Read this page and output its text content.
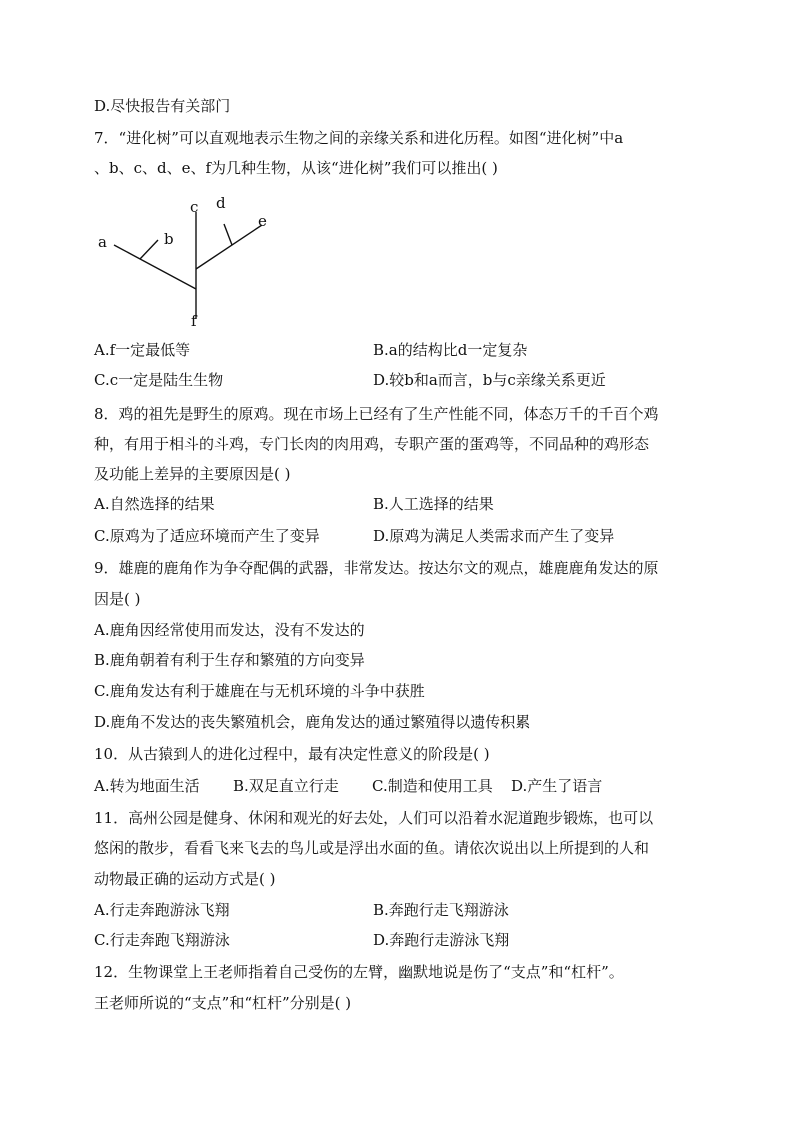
D.尽快报告有关部门
7．“进化树”可以直观地表示生物之间的亲缘关系和进化历程。如图“进化树”中a
、b、c、d、e、f为几种生物，从该“进化树”我们可以推出( )
a	b
c d
e
f
A.f一定最低等	B.a的结构比d一定复杂
C.c一定是陆生生物	D.较b和a而言，b与c亲缘关系更近
8．鸡的祖先是野生的原鸡。现在市场上已经有了生产性能不同，体态万千的千百个鸡
种，有用于相斗的斗鸡，专门长肉的肉用鸡，专职产蛋的蛋鸡等，不同品种的鸡形态
及功能上差异的主要原因是( )
A.自然选择的结果	B.人工选择的结果
C.原鸡为了适应环境而产生了变异	D.原鸡为满足人类需求而产生了变异
9．雄鹿的鹿角作为争夺配偶的武器，非常发达。按达尔文的观点，雄鹿鹿角发达的原
因是( )
A.鹿角因经常使用而发达，没有不发达的
B.鹿角朝着有利于生存和繁殖的方向变异
C.鹿角发达有利于雄鹿在与无机环境的斗争中获胜
D.鹿角不发达的丧失繁殖机会，鹿角发达的通过繁殖得以遗传积累
10．从古猿到人的进化过程中，最有决定性意义的阶段是( )
A.转为地面生活 B.双足直立行走 C.制造和使用工具 D.产生了语言
11．高州公园是健身、休闲和观光的好去处，人们可以沿着水泥道跑步锻炼，也可以
悠闲的散步，看看飞来飞去的鸟儿或是浮出水面的鱼。请依次说出以上所提到的人和
动物最正确的运动方式是( )
A.行走奔跑游泳飞翔	B.奔跑行走飞翔游泳
C.行走奔跑飞翔游泳	D.奔跑行走游泳飞翔
12．生物课堂上王老师指着自己受伤的左臂，幽默地说是伤了“支点”和“杠杆”。
王老师所说的“支点”和“杠杆”分别是( )
